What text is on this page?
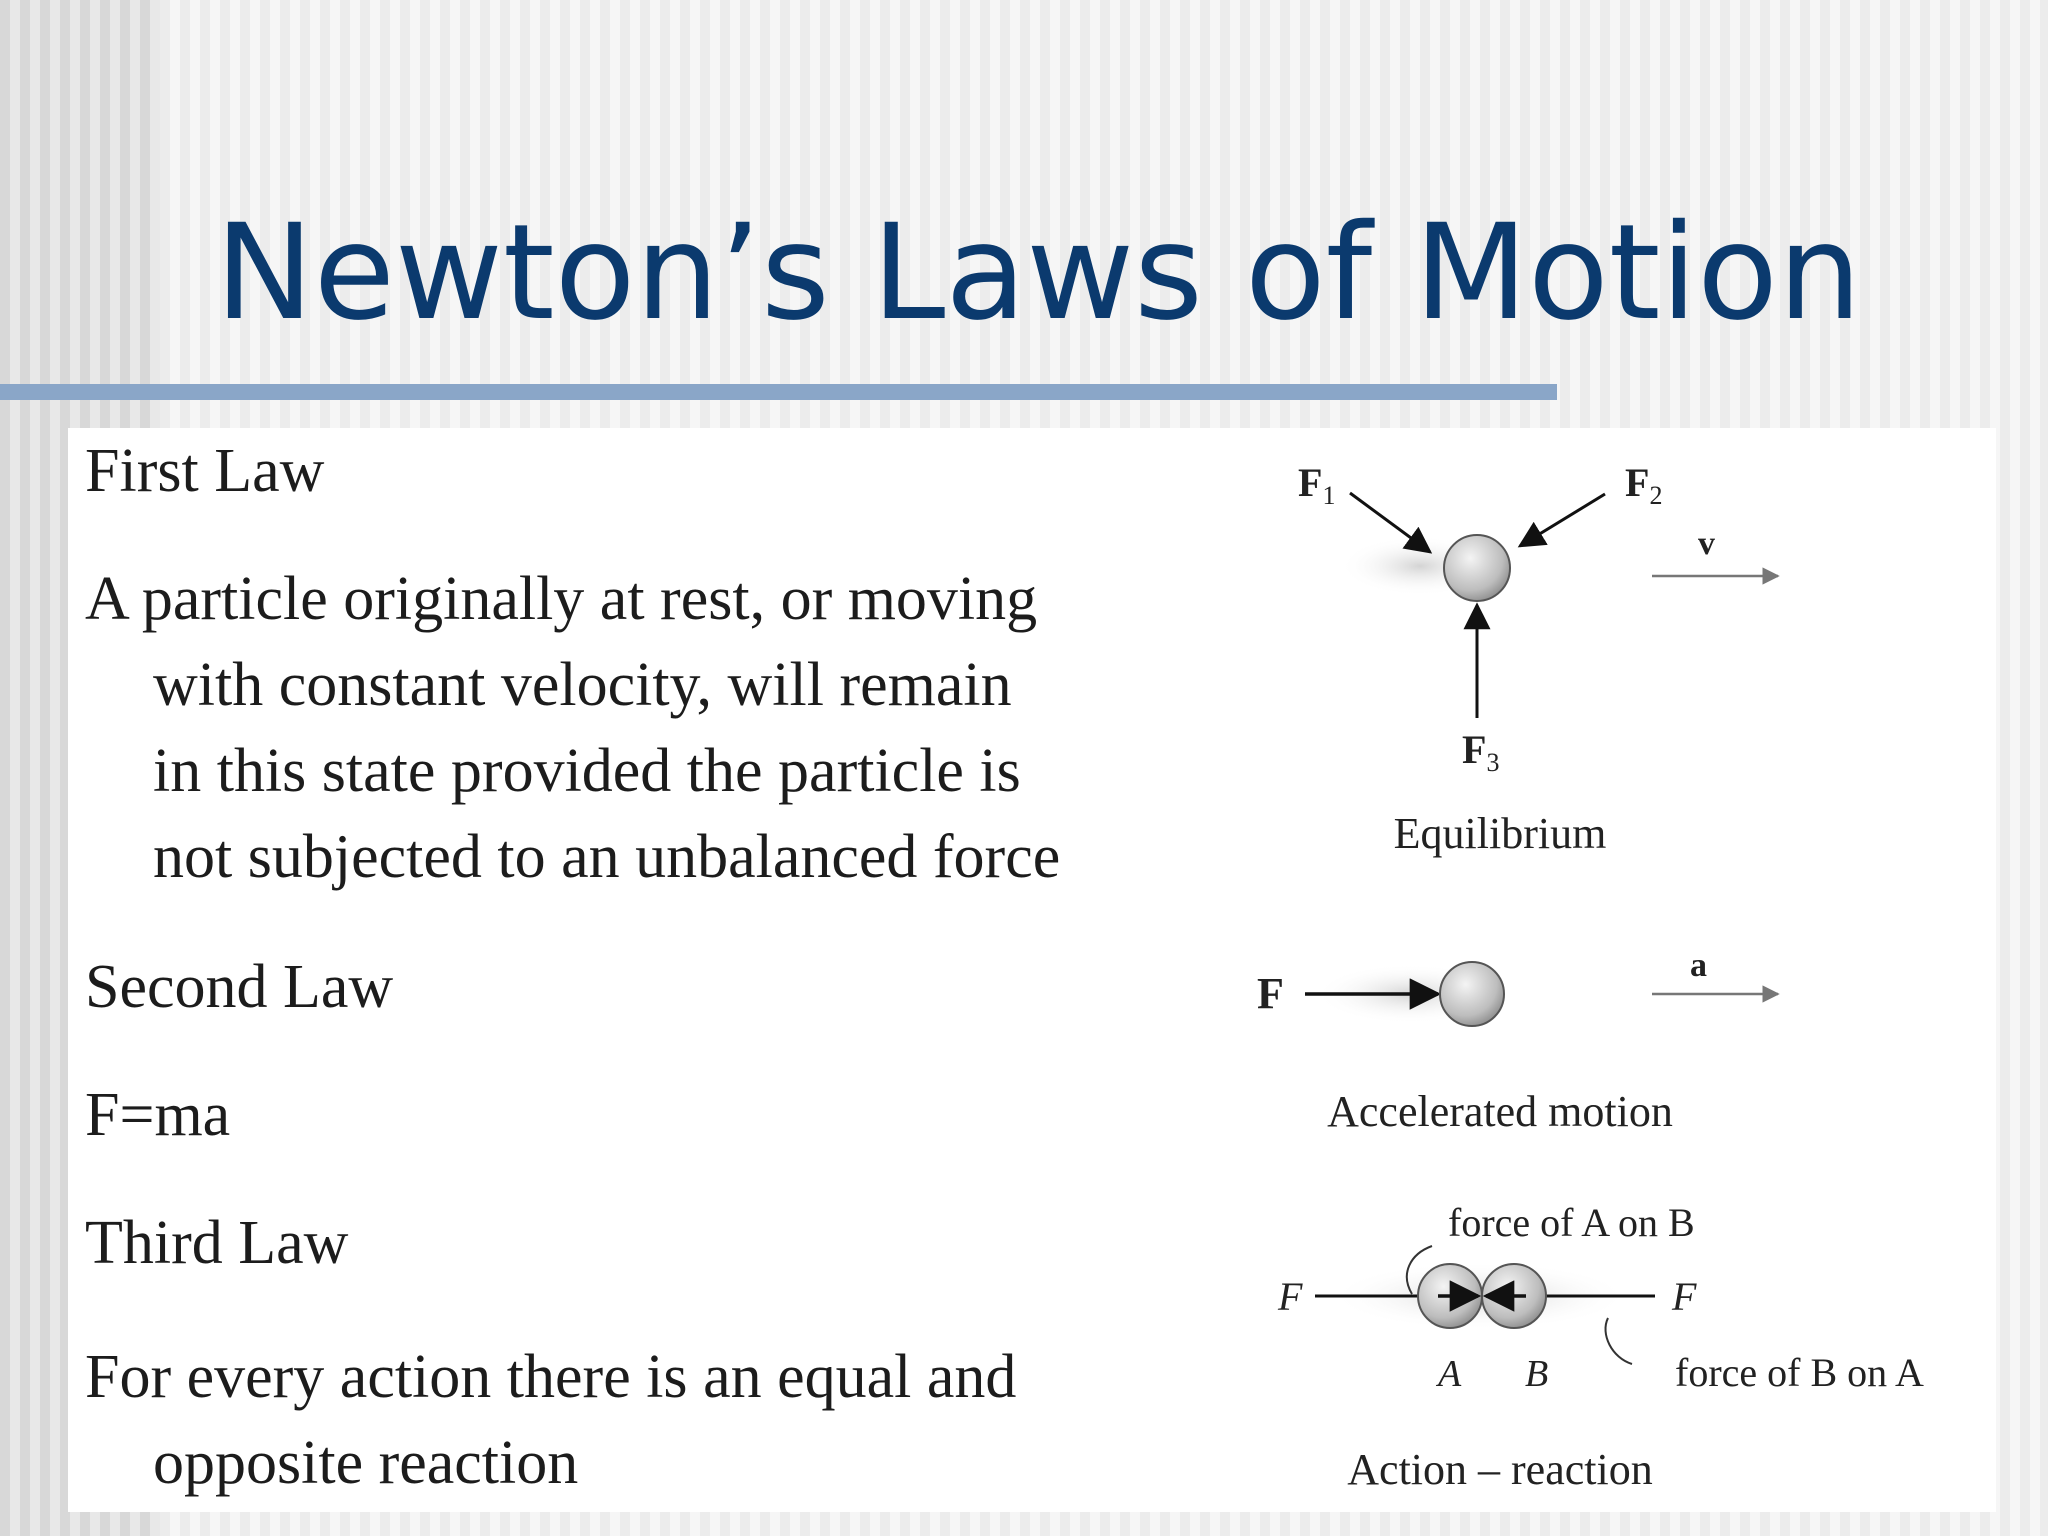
Newton’s Laws of Motion
First Law
A particle originally at rest, or moving
with constant velocity, will remain
in this state provided the particle is
not subjected to an unbalanced force
Second Law
F=ma
Third Law
For every action there is an equal and
opposite reaction
$F_1$	$F_2$
$F_3$
v
Equilibrium
F
a
Accelerated motion
F	F
A B
force of A on B
force of B on A
Action – reaction
